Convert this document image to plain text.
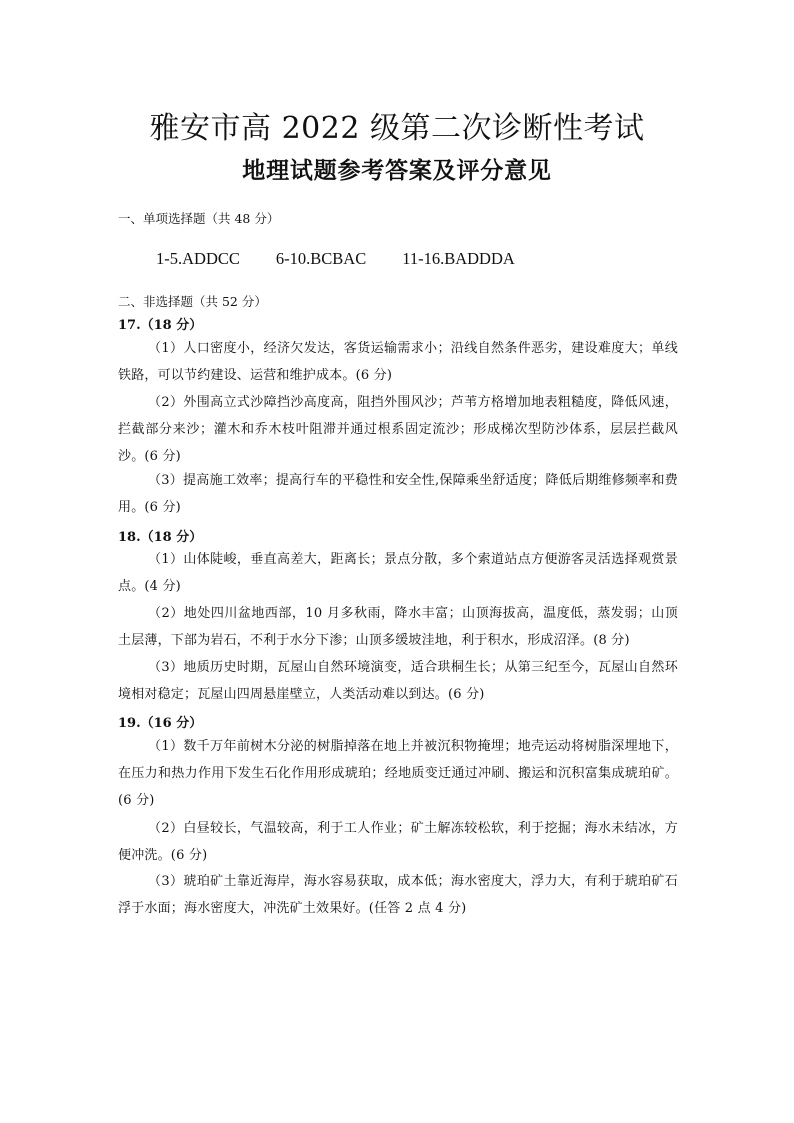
雅安市高 2022 级第二次诊断性考试
地理试题参考答案及评分意见
一、单项选择题（共 48 分）
1-5.ADDCC 6-10.BCBAC 11-16.BADDDA
二、非选择题（共 52 分）
17.（18 分）

（1）人口密度小，经济欠发达，客货运输需求小；沿线自然条件恶劣，建设难度大；单线铁路，可以节约建设、运营和维护成本。(6 分)

（2）外围高立式沙障挡沙高度高，阻挡外围风沙；芦苇方格增加地表粗糙度，降低风速，拦截部分来沙；灌木和乔木枝叶阻滞并通过根系固定流沙；形成梯次型防沙体系，层层拦截风沙。(6 分)

（3）提高施工效率；提高行车的平稳性和安全性,保障乘坐舒适度；降低后期维修频率和费用。(6 分)

18.（18 分）

（1）山体陡峻，垂直高差大，距离长；景点分散，多个索道站点方便游客灵活选择观赏景点。(4 分)

（2）地处四川盆地西部，10 月多秋雨，降水丰富；山顶海拔高，温度低，蒸发弱；山顶土层薄，下部为岩石，不利于水分下渗；山顶多缓坡洼地，利于积水，形成沼泽。(8 分)

（3）地质历史时期，瓦屋山自然环境演变，适合珙桐生长；从第三纪至今，瓦屋山自然环境相对稳定；瓦屋山四周悬崖壁立，人类活动难以到达。(6 分)

19.（16 分）

（1）数千万年前树木分泌的树脂掉落在地上并被沉积物掩埋；地壳运动将树脂深埋地下，在压力和热力作用下发生石化作用形成琥珀；经地质变迁通过冲刷、搬运和沉积富集成琥珀矿。(6 分)

（2）白昼较长，气温较高，利于工人作业；矿土解冻较松软，利于挖掘；海水未结冰，方便冲洗。(6 分)

（3）琥珀矿土靠近海岸，海水容易获取，成本低；海水密度大，浮力大，有利于琥珀矿石浮于水面；海水密度大，冲洗矿土效果好。(任答 2 点 4 分)
